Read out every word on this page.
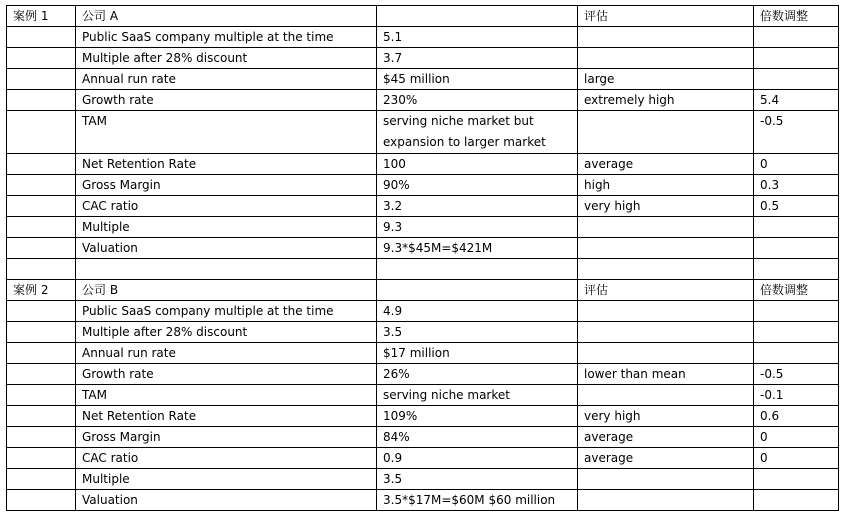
案例 1	公司 A		评估	倍数调整
	Public SaaS company multiple at the time	5.1		
	Multiple after 28% discount	3.7		
	Annual run rate	$45 million	large	
	Growth rate	230%	extremely high	5.4
	TAM	serving niche market but expansion to larger market		-0.5
	Net Retention Rate	100	average	0
	Gross Margin	90%	high	0.3
	CAC ratio	3.2	very high	0.5
	Multiple	9.3		
	Valuation	9.3*$45M=$421M		

案例 2	公司 B		评估	倍数调整
	Public SaaS company multiple at the time	4.9		
	Multiple after 28% discount	3.5		
	Annual run rate	$17 million		
	Growth rate	26%	lower than mean	-0.5
	TAM	serving niche market		-0.1
	Net Retention Rate	109%	very high	0.6
	Gross Margin	84%	average	0
	CAC ratio	0.9	average	0
	Multiple	3.5		
	Valuation	3.5*$17M=$60M $60 million		
